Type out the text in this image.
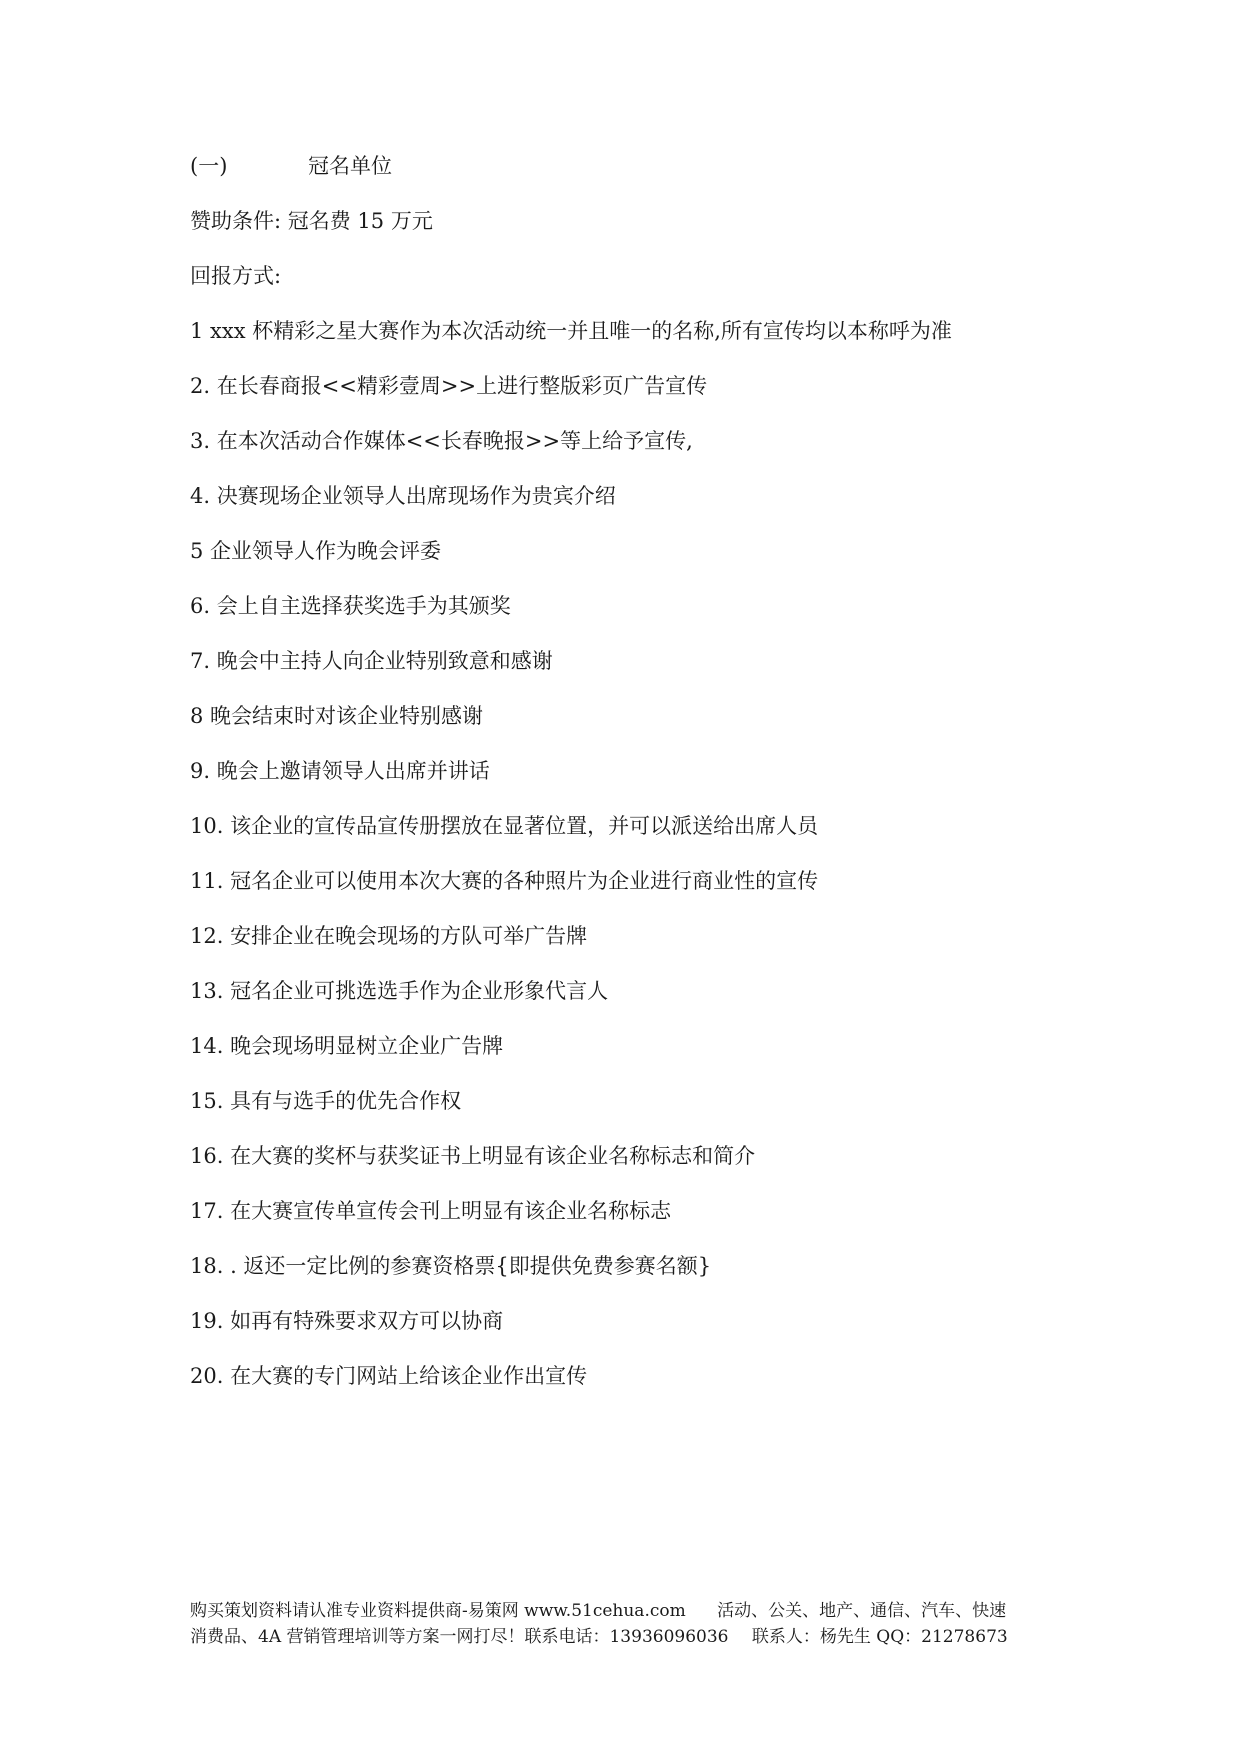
(一)	冠名单位
赞助条件: 冠名费 15 万元
回报方式:
1 xxx 杯精彩之星大赛作为本次活动统一并且唯一的名称,所有宣传均以本称呼为准
2. 在长春商报<<精彩壹周>>上进行整版彩页广告宣传
3. 在本次活动合作媒体<<长春晚报>>等上给予宣传,
4. 决赛现场企业领导人出席现场作为贵宾介绍
5 企业领导人作为晚会评委
6. 会上自主选择获奖选手为其颁奖
7. 晚会中主持人向企业特别致意和感谢
8 晚会结束时对该企业特别感谢
9. 晚会上邀请领导人出席并讲话
10. 该企业的宣传品宣传册摆放在显著位置，并可以派送给出席人员
11. 冠名企业可以使用本次大赛的各种照片为企业进行商业性的宣传
12. 安排企业在晚会现场的方队可举广告牌
13. 冠名企业可挑选选手作为企业形象代言人
14. 晚会现场明显树立企业广告牌
15. 具有与选手的优先合作权
16. 在大赛的奖杯与获奖证书上明显有该企业名称标志和简介
17. 在大赛宣传单宣传会刊上明显有该企业名称标志
18. . 返还一定比例的参赛资格票{即提供免费参赛名额}
19. 如再有特殊要求双方可以协商
20. 在大赛的专门网站上给该企业作出宣传
购买策划资料请认准专业资料提供商-易策网 www.51cehua.com 活动、公关、地产、通信、汽车、快速
消费品、4A 营销管理培训等方案一网打尽！联系电话：13936096036 联系人：杨先生 QQ：21278673
